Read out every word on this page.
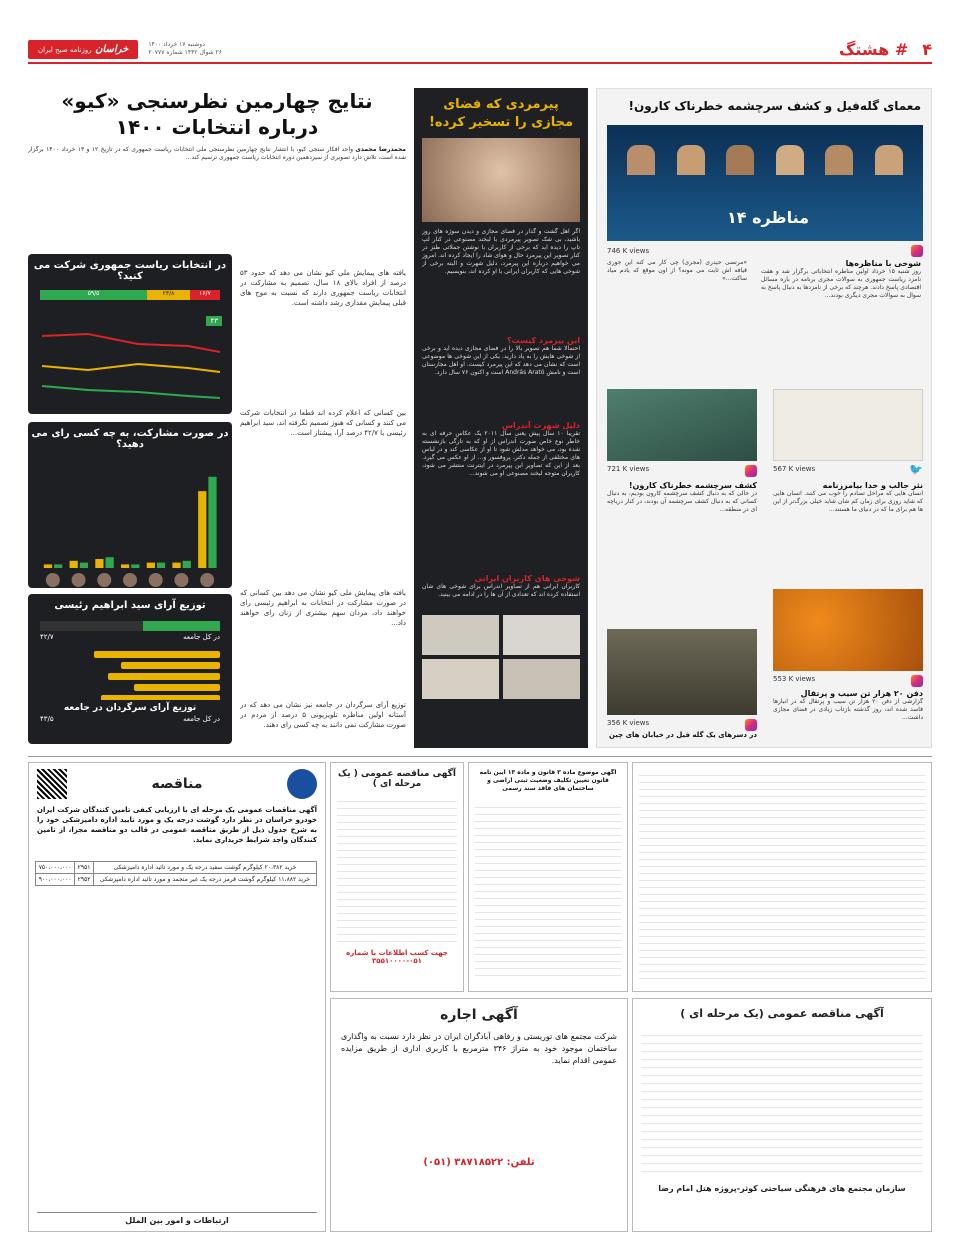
۴
# هشتگ
دوشنبه ۱۷ خرداد ۱۴۰۰
۲۶ شوال ۱۴۴۲ شماره ۲۰۷۷۷
خراسان روزنامه صبح ایران
معمای گله‌فیل و کشف سرچشمه خطرناک کارون!
مناظره ۱۴
746 K views
«مرتضی حیدری (مجری) چی کار می کنه این جوری قیافه اش ثابت می مونه؟ از اون موقع که یادم میاد ساکت...»
شوخی با مناظره‌ها
روز شنبه ۱۵ خرداد اولین مناظره انتخاباتی برگزار شد و هفت نامزد ریاست جمهوری به سوالات مجری برنامه در باره مسائل اقتصادی پاسخ دادند. هرچند که برخی از نامزدها به دنبال پاسخ به سوال به سوالات مجری دیگری بودند...
721 K views	🐦
567 K views
کشف سرچشمه خطرناک کارون!
در حالی که به دنبال کشف سرچشمه کارون بودیم، به دنبال کسانی که به دنبال کشف سرچشمه آن بودند، در کنار دریاچه ای در منطقه...
نثر جالب و خدا بیامرزنامه
انسان هایی که مراحل تصادم را خوب می کنند. انسان هایی که شاید روزی برای زمان کم شان شاید خیلی بزرگ‌تر از این ها هم برای ما که در دنیای ما هستند...
553 K views
دفن ۲۰ هزار تن سیب و پرتقال
گزارشی از دفن ۲۰ هزار تن سیب و پرتقال که در انبارها فاسد شده اند، روز گذشته بازتاب زیادی در فضای مجازی داشت...
356 K views
در دسرهای یک گله فیل در خیابان های چین
پیرمردی که فضای مجازی را تسخیر کرده!
اگر اهل گشت و گذار در فضای مجازی و دیدن سوژه های روز باشید، بی شک تصویر پیرمردی با لبخند مصنوعی در کنار لپ تاپ را دیده اید که برخی از کاربران با نوشتن جملاتی طنز در کنار تصویر این پیرمرد حال و هوای شاد را ایجاد کرده اند. امروز می خواهیم درباره این پیرمرد، دلیل شهرت و البته برخی از شوخی هایی که کاربران ایرانی با او کرده اند، بنویسیم.
این پیرمرد کیست؟
احتمالا شما هم تصویر بالا را در فضای مجازی دیده اید و برخی از شوخی هایش را به یاد دارید. یکی از این شوخی ها موضوعی است که نشان می دهد که این پیرمرد کیست. او اهل مجارستان است و نامش András Arató است و اکنون ۷۶ سال دارد.
دلیل شهرت آندراس
تقریبا ۱۰ سال پیش یعنی سال ۲۰۱۱ یک عکاس حرفه ای به خاطر نوع خاص صورت آندراس از او که به تازگی بازنشسته شده بود، می خواهد مدلش شود تا او از عکاسی کند و در لباس های مختلفی از جمله دکتر، پروفسور و... از او عکس می گیرد. بعد از این که تصاویر این پیرمرد در اینترنت منتشر می شود، کاربران متوجه لبخند مصنوعی او می شوند...
شوخی های کاربران ایرانی
کاربران ایرانی هم از تصاویر آندراس برای شوخی های شان استفاده کرده اند که تعدادی از آن ها را در ادامه می بینید.
نتایج چهارمین نظرسنجی «کیو»
درباره انتخابات ۱۴۰۰
محمدرضا محمدی واحد افکار سنجی کیو، با انتشار نتایج چهارمین نظرسنجی ملی انتخابات ریاست جمهوری که در تاریخ ۱۲ و ۱۳ خرداد ۱۴۰۰ برگزار شده است، تلاش دارد تصویری از سیزدهمین دوره انتخابات ریاست جمهوری ترسیم کند...
در انتخابات ریاست جمهوری شرکت می کنید؟
۱۶/۷
۲۳/۸
۵۹/۵
۴۳
در صورت مشارکت، به چه کسی رای می دهید؟
توزیع آرای سید ابراهیم رئیسی
در کل جامعه
۴۲/۷
یافته های پیمایش ملی کیو نشان می دهد که حدود ۵۳ درصد از افراد بالای ۱۸ سال، تصمیم به مشارکت در انتخابات ریاست جمهوری دارند که نسبت به موج های قبلی پیمایش مقداری رشد داشته است.
بین کسانی که اعلام کرده اند قطعا در انتخابات شرکت می کنند و کسانی که هنوز تصمیم نگرفته اند، سید ابراهیم رئیسی با ۴۲/۷ درصد آرا، پیشتاز است...
یافته های پیمایش ملی کیو نشان می دهد بین کسانی که در صورت مشارکت در انتخابات به ابراهیم رئیسی رای خواهند داد، مردان سهم بیشتری از زنان رای خواهند داد...
توزیع آرای سرگردان در جامعه
در کل جامعه
۴۳/۵
توزیع آرای سرگردان در جامعه نیز نشان می دهد که در آستانه اولین مناظره تلویزیونی ۵ درصد از مردم در صورت مشارکت نمی دانند به چه کسی رای دهند.
مناقصه
آگهی مناقصات عمومی یک مرحله ای با ارزیابی کیفی تامین کنندگان شرکت ایران خودرو خراسان در نظر دارد گوشت درجه یک و مورد تایید اداره دامپزشکی خود را به شرح جدول ذیل از طریق مناقصه عمومی در قالب دو مناقصه مجزا، از تامین کنندگان واجد شرایط خریداری نماید.
خرید ۲۰،۳۸۲ کیلوگرم گوشت سفید درجه یک و مورد تائید اداره دامپزشکی	۲۹۵۱	۷۵۰،۰۰۰،۰۰۰
خرید ۱۱،۸۸۲ کیلوگرم گوشت قرمز درجه یک غیر منجمد و مورد تائید اداره دامپزشکی	۲۹۵۲	۹۰۰،۰۰۰،۰۰۰
ارتباطات و امور بین الملل
آگهی مناقصه عمومی ( یک مرحله ای )
جهت کسب اطلاعات با شماره ۰۵۱-۳۵۵۱۰۰۰۰
آگهی موضوع ماده ۳ قانون و ماده ۱۳ آیین نامه قانون تعیین تکلیف وضعیت ثبتی اراضی و ساختمان های فاقد سند رسمی
آگهی اجاره
شرکت مجتمع های توریستی و رفاهی آبادگران ایران در نظر دارد نسبت به واگذاری ساختمان موجود خود به متراژ ۳۴۶ مترمربع با کاربری اداری از طریق مزایده عمومی اقدام نماید.
تلفن: ۳۸۷۱۸۵۲۲ (۰۵۱)
آگهی مناقصه عمومی (یک مرحله ای )
سازمان مجتمع های فرهنگی سیاحتی کوثر-پروژه هتل امام رضا
